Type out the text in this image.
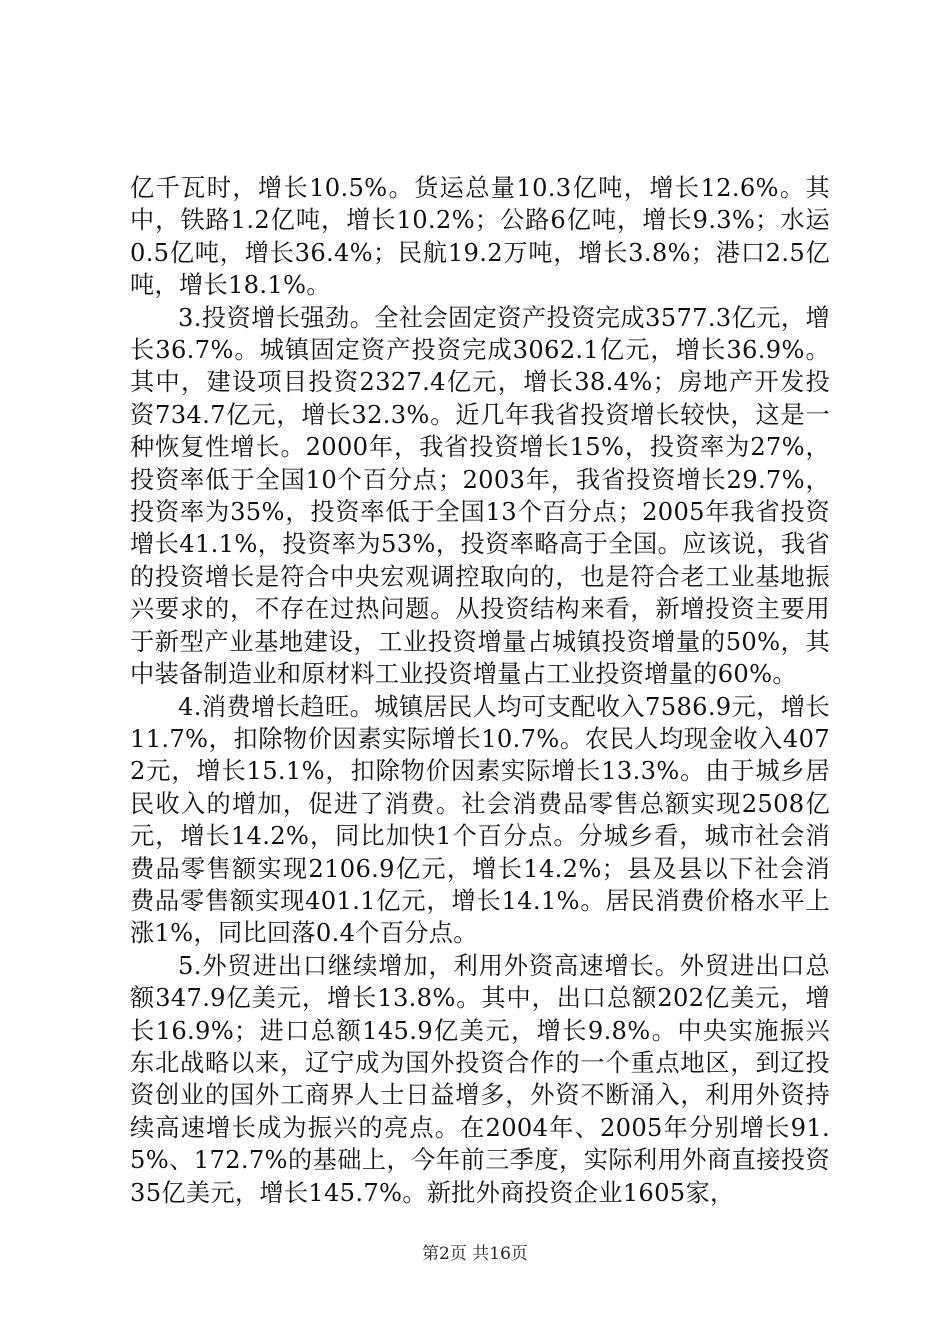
亿千瓦时，增长10.5%。货运总量10.3亿吨，增长12.6%。其中，铁路1.2亿吨，增长10.2%；公路6亿吨，增长9.3%；水运0.5亿吨，增长36.4%；民航19.2万吨，增长3.8%；港口2.5亿吨，增长18.1%。

3.投资增长强劲。全社会固定资产投资完成3577.3亿元，增长36.7%。城镇固定资产投资完成3062.1亿元，增长36.9%。其中，建设项目投资2327.4亿元，增长38.4%；房地产开发投资734.7亿元，增长32.3%。近几年我省投资增长较快，这是一种恢复性增长。2000年，我省投资增长15%，投资率为27%，投资率低于全国10个百分点；2003年，我省投资增长29.7%，投资率为35%，投资率低于全国13个百分点；2005年我省投资增长41.1%，投资率为53%，投资率略高于全国。应该说，我省的投资增长是符合中央宏观调控取向的，也是符合老工业基地振兴要求的，不存在过热问题。从投资结构来看，新增投资主要用于新型产业基地建设，工业投资增量占城镇投资增量的50%，其中装备制造业和原材料工业投资增量占工业投资增量的60%。

4.消费增长趋旺。城镇居民人均可支配收入7586.9元，增长11.7%，扣除物价因素实际增长10.7%。农民人均现金收入4072元，增长15.1%，扣除物价因素实际增长13.3%。由于城乡居民收入的增加，促进了消费。社会消费品零售总额实现2508亿元，增长14.2%，同比加快1个百分点。分城乡看，城市社会消费品零售额实现2106.9亿元，增长14.2%；县及县以下社会消费品零售额实现401.1亿元，增长14.1%。居民消费价格水平上涨1%，同比回落0.4个百分点。

5.外贸进出口继续增加，利用外资高速增长。外贸进出口总额347.9亿美元，增长13.8%。其中，出口总额202亿美元，增长16.9%；进口总额145.9亿美元，增长9.8%。中央实施振兴东北战略以来，辽宁成为国外投资合作的一个重点地区，到辽投资创业的国外工商界人士日益增多，外资不断涌入，利用外资持续高速增长成为振兴的亮点。在2004年、2005年分别增长91.5%、172.7%的基础上，今年前三季度，实际利用外商直接投资35亿美元，增长145.7%。新批外商投资企业1605家，

第2页 共16页
